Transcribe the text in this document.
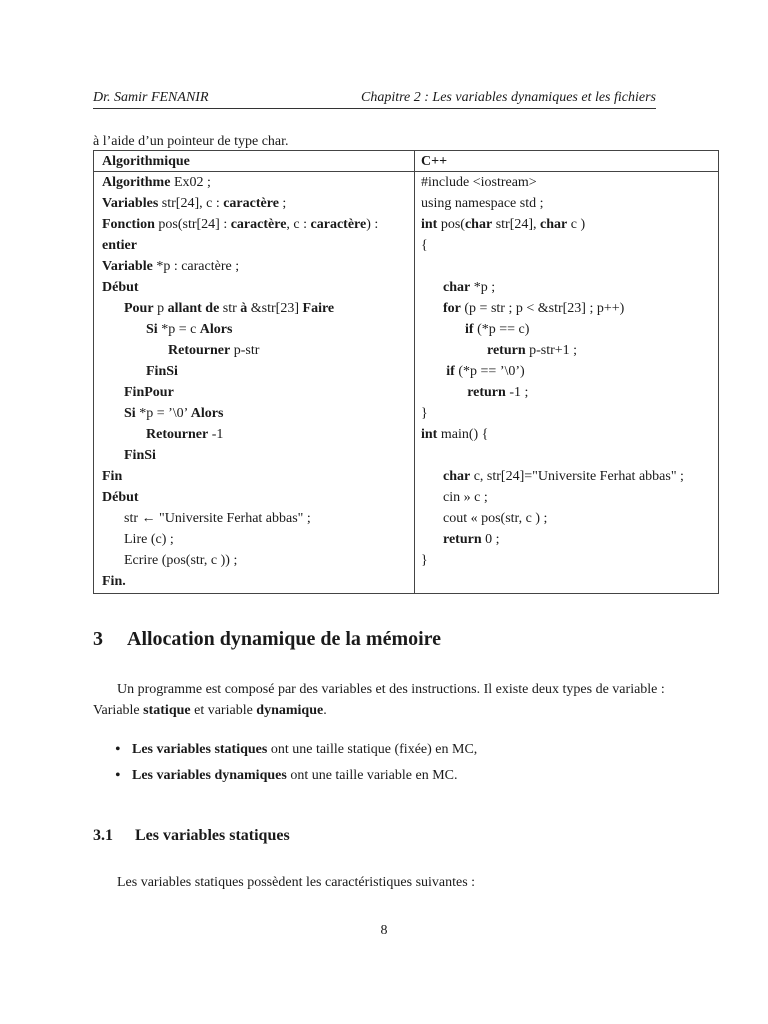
Dr. Samir FENANIR	Chapitre 2 : Les variables dynamiques et les fichiers
à l’aide d’un pointeur de type char.
Algorithmique	C++
Algorithme Ex02 ;
Variables str[24], c : caractère ;
Fonction pos(str[24] : caractère, c : caractère) :
entier
Variable *p : caractère ;
Début
Pour p allant de str à &str[23] Faire
Si *p = c Alors
Retourner p-str
FinSi
FinPour
Si *p = ’\0’ Alors
Retourner -1
FinSi
Fin
Début
str ← "Universite Ferhat abbas" ;
Lire (c) ;
Ecrire (pos(str, c )) ;
Fin.
#include <iostream>
using namespace std ;
int pos(char str[24], char c )
{
char *p ;
for (p = str ; p < &str[23] ; p++)
if (*p == c)
return p-str+1 ;
if (*p == ’\0’)
return -1 ;
}
int main() {
char c, str[24]="Universite Ferhat abbas" ;
cin » c ;
cout « pos(str, c ) ;
return 0 ;
}
3 Allocation dynamique de la mémoire
Un programme est composé par des variables et des instructions. Il existe deux types de variable : Variable statique et variable dynamique.
• Les variables statiques ont une taille statique (fixée) en MC,
• Les variables dynamiques ont une taille variable en MC.
3.1 Les variables statiques
Les variables statiques possèdent les caractéristiques suivantes :
8
